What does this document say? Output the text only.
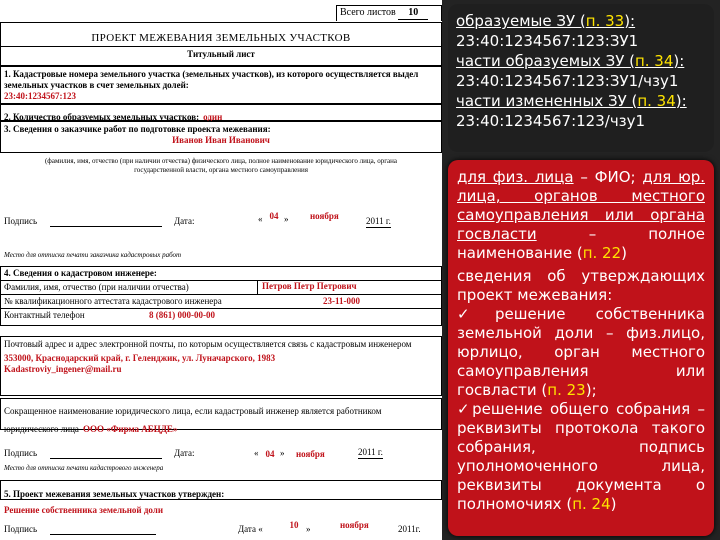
Всего листов 10
ПРОЕКТ МЕЖЕВАНИЯ ЗЕМЕЛЬНЫХ УЧАСТКОВ
Титульный лист
1. Кадастровые номера земельного участка (земельных участков), из которого осуществляется выдел земельных участков в счет земельных долей:
23:40:1234567:123
2. Количество образуемых земельных участков: один
3. Сведения о заказчике работ по подготовке проекта межевания:
Иванов Иван Иванович
(фамилия, имя, отчество (при наличии отчества) физического лица, полное наименование юридического лица, органа государственной власти, органа местного самоуправления
Подпись	Дата:	« 04 » ноября	2011 г.
Место для оттиска печати заказчика кадастровых работ
4. Сведения о кадастровом инженере:
Фамилия, имя, отчество (при наличии отчества)	Петров Петр Петрович
№ квалификационного аттестата кадастрового инженера	23-11-000
Контактный телефон	8 (861) 000-00-00
Почтовый адрес и адрес электронной почты, по которым осуществляется связь с кадастровым инженером
353000, Краснодарский край, г. Геленджик, ул. Луначарского, 1983
Kadastroviy_ingener@mail.ru
Сокращенное наименование юридического лица, если кадастровый инженер является работником юридического лица ООО «Фирма АБЦДЕ»
Подпись	Дата:	« 04 » ноября	2011 г.
Место для оттиска печати кадастрового инженера
5. Проект межевания земельных участков утвержден:
Решение собственника земельной доли
Подпись	Дата «	10 »	ноября	2011г.
образуемые ЗУ (п. 33):
23:40:1234567:123:ЗУ1
части образуемых ЗУ (п. 34):
23:40:1234567:123:ЗУ1/чзу1
части измененных ЗУ (п. 34):
23:40:1234567:123/чзу1
для физ. лица – ФИО; для юр. лица, органов местного самоуправления или органа госвласти – полное наименование (п. 22)
сведения об утверждающих проект межевания:
✓решение собственника земельной доли – физ.лицо, юрлицо, орган местного самоуправления или госвласти (п. 23);
✓решение общего собрания – реквизиты протокола такого собрания, подпись уполномоченного лица, реквизиты документа о полномочиях (п. 24)
